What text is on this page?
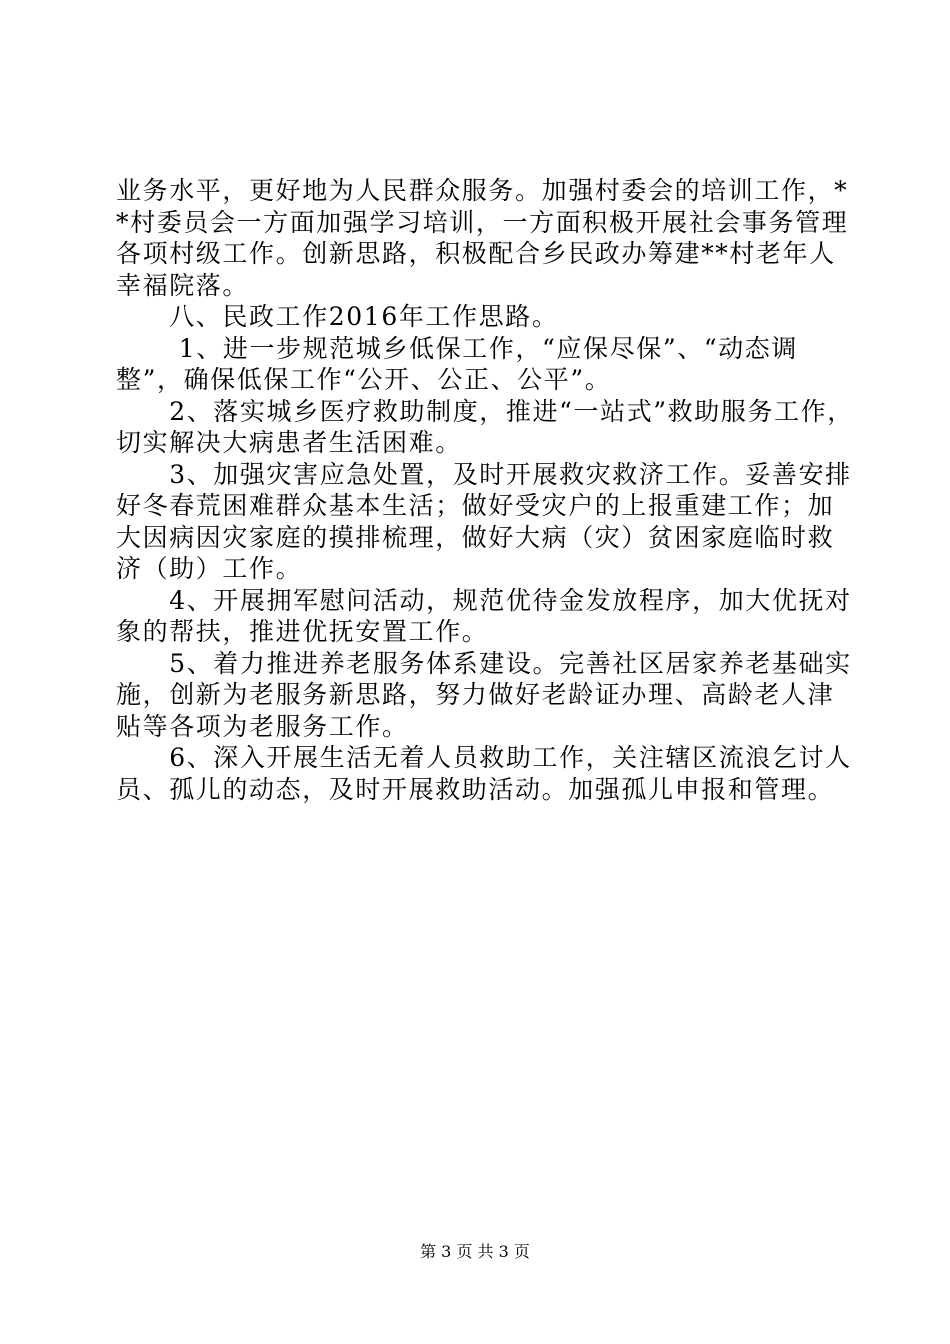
业务水平，更好地为人民群众服务。加强村委会的培训工作，*
*村委员会一方面加强学习培训，一方面积极开展社会事务管理
各项村级工作。创新思路，积极配合乡民政办筹建**村老年人
幸福院落。
　　八、民政工作2016年工作思路。
　　 1、进一步规范城乡低保工作，“应保尽保”、“动态调
整”，确保低保工作“公开、公正、公平”。
　　2、落实城乡医疗救助制度，推进“一站式”救助服务工作，
切实解决大病患者生活困难。
　　3、加强灾害应急处置，及时开展救灾救济工作。妥善安排
好冬春荒困难群众基本生活；做好受灾户的上报重建工作；加
大因病因灾家庭的摸排梳理，做好大病（灾）贫困家庭临时救
济（助）工作。
　　4、开展拥军慰问活动，规范优待金发放程序，加大优抚对
象的帮扶，推进优抚安置工作。
　　5、着力推进养老服务体系建设。完善社区居家养老基础实
施，创新为老服务新思路，努力做好老龄证办理、高龄老人津
贴等各项为老服务工作。
　　6、深入开展生活无着人员救助工作，关注辖区流浪乞讨人
员、孤儿的动态，及时开展救助活动。加强孤儿申报和管理。
第 3 页 共 3 页
